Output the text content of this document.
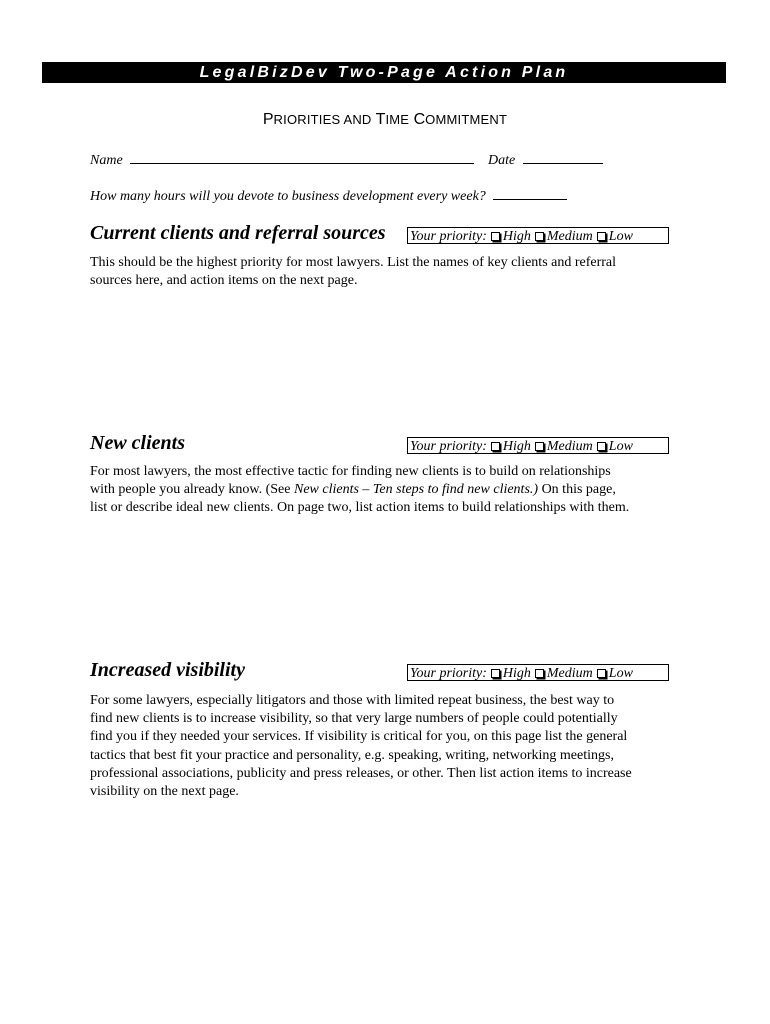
LegalBizDev Two-Page Action Plan
PRIORITIES AND TIME COMMITMENT
Name	Date
How many hours will you devote to business development every week?
Current clients and referral sources Your priority: High Medium Low
This should be the highest priority for most lawyers. List the names of key clients and referral
sources here, and action items on the next page.
New clients	Your priority: High Medium Low
For most lawyers, the most effective tactic for finding new clients is to build on relationships
with people you already know. (See New clients – Ten steps to find new clients.) On this page,
list or describe ideal new clients. On page two, list action items to build relationships with them.
Increased visibility	Your priority: High Medium Low
For some lawyers, especially litigators and those with limited repeat business, the best way to
find new clients is to increase visibility, so that very large numbers of people could potentially
find you if they needed your services. If visibility is critical for you, on this page list the general
tactics that best fit your practice and personality, e.g. speaking, writing, networking meetings,
professional associations, publicity and press releases, or other. Then list action items to increase
visibility on the next page.
